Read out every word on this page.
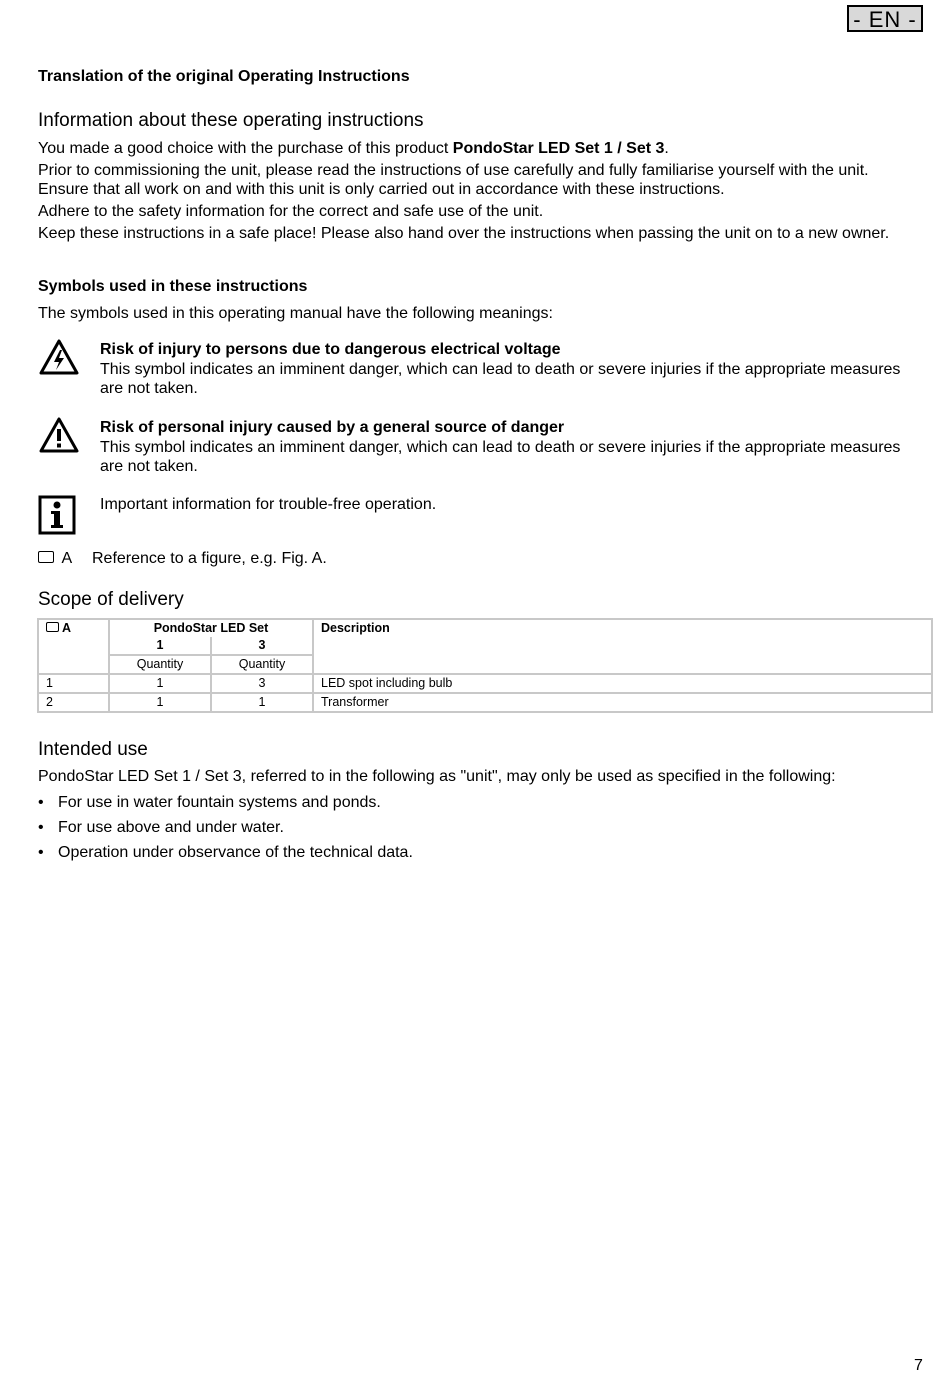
- EN -
Translation of the original Operating Instructions
Information about these operating instructions
You made a good choice with the purchase of this product PondoStar LED Set 1 / Set 3.
Prior to commissioning the unit, please read the instructions of use carefully and fully familiarise yourself with the unit.
Ensure that all work on and with this unit is only carried out in accordance with these instructions.
Adhere to the safety information for the correct and safe use of the unit.
Keep these instructions in a safe place! Please also hand over the instructions when passing the unit on to a new owner.
Symbols used in these instructions
The symbols used in this operating manual have the following meanings:
Risk of injury to persons due to dangerous electrical voltage
This symbol indicates an imminent danger, which can lead to death or severe injuries if the appropriate measures are not taken.
Risk of personal injury caused by a general source of danger
This symbol indicates an imminent danger, which can lead to death or severe injuries if the appropriate measures are not taken.
Important information for trouble-free operation.
A Reference to a figure, e.g. Fig. A.
Scope of delivery
A	PondoStar LED Set		Description
	1	3	
	Quantity	Quantity	
1	1	3	LED spot including bulb
2	1	1	Transformer
Intended use
PondoStar LED Set 1 / Set 3, referred to in the following as "unit", may only be used as specified in the following:
• For use in water fountain systems and ponds.
• For use above and under water.
• Operation under observance of the technical data.
7
